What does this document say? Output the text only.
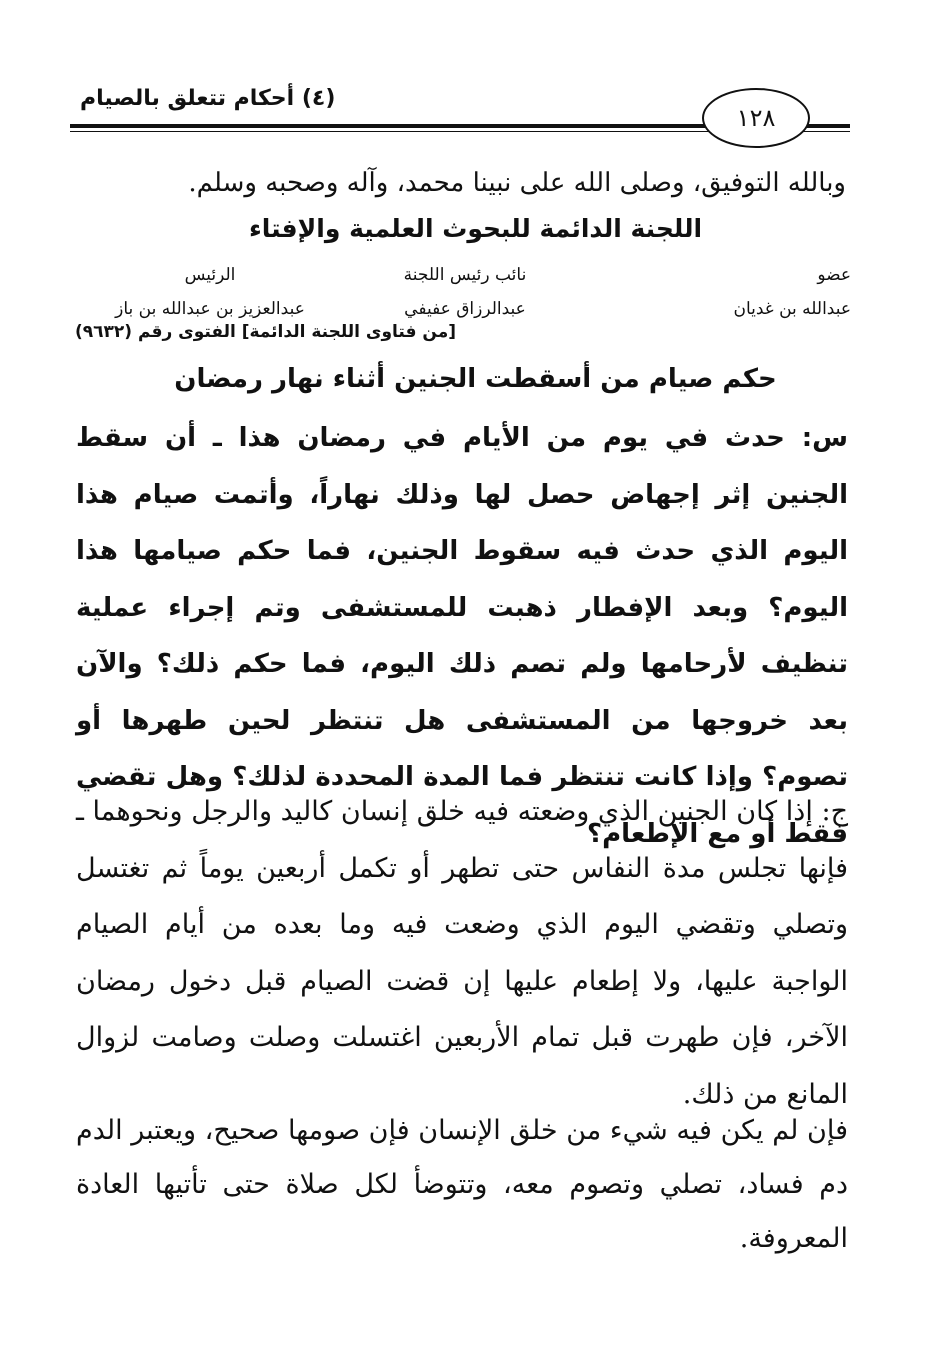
(٤) أحكام تتعلق بالصيام
١٢٨
وبالله التوفيق، وصلى الله على نبينا محمد، وآله وصحبه وسلم.
اللجنة الدائمة للبحوث العلمية والإفتاء
عضو
عبدالله بن غديان
نائب رئيس اللجنة
عبدالرزاق عفيفي
الرئيس
عبدالعزيز بن عبدالله بن باز
[من فتاوى اللجنة الدائمة] الفتوى رقم (٩٦٣٢)
حكم صيام من أسقطت الجنين أثناء نهار رمضان
س: حدث في يوم من الأيام في رمضان هذا ـ أن سقط الجنين إثر إجهاض حصل لها وذلك نهاراً، وأتمت صيام هذا اليوم الذي حدث فيه سقوط الجنين، فما حكم صيامها هذا اليوم؟ وبعد الإفطار ذهبت للمستشفى وتم إجراء عملية تنظيف لأرحامها ولم تصم ذلك اليوم، فما حكم ذلك؟ والآن بعد خروجها من المستشفى هل تنتظر لحين طهرها أو تصوم؟ وإذا كانت تنتظر فما المدة المحددة لذلك؟ وهل تقضي فقط أو مع الإطعام؟
ج: إذا كان الجنين الذي وضعته فيه خلق إنسان كاليد والرجل ونحوهما ـ فإنها تجلس مدة النفاس حتى تطهر أو تكمل أربعين يوماً ثم تغتسل وتصلي وتقضي اليوم الذي وضعت فيه وما بعده من أيام الصيام الواجبة عليها، ولا إطعام عليها إن قضت الصيام قبل دخول رمضان الآخر، فإن طهرت قبل تمام الأربعين اغتسلت وصلت وصامت لزوال المانع من ذلك.
فإن لم يكن فيه شيء من خلق الإنسان فإن صومها صحيح، ويعتبر الدم دم فساد، تصلي وتصوم معه، وتتوضأ لكل صلاة حتى تأتيها العادة المعروفة.
